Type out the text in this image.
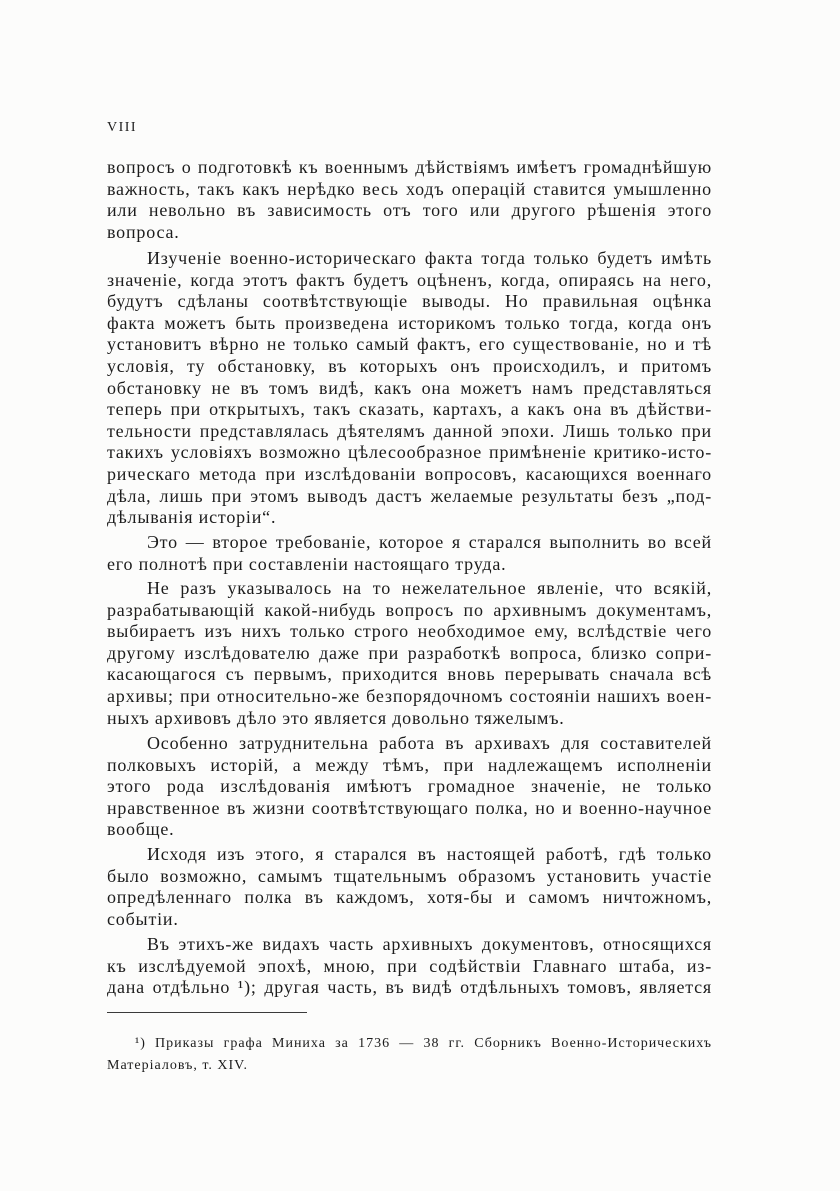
VIII
вопросъ о подготовкѣ къ военнымъ дѣйствіямъ имѣетъ громаднѣйшую
важность, такъ какъ нерѣдко весь ходъ операцій ставится умышленно
или невольно въ зависимость отъ того или другого рѣшенія этого
вопроса.
Изученіе военно-историческаго факта тогда только будетъ имѣть
значеніе, когда этотъ фактъ будетъ оцѣненъ, когда, опираясь на него,
будутъ сдѣланы соотвѣтствующіе выводы. Но правильная оцѣнка
факта можетъ быть произведена историкомъ только тогда, когда онъ
установитъ вѣрно не только самый фактъ, его существованіе, но и тѣ
условія, ту обстановку, въ которыхъ онъ происходилъ, и притомъ
обстановку не въ томъ видѣ, какъ она можетъ намъ представляться
теперь при открытыхъ, такъ сказать, картахъ, а какъ она въ дѣйстви-
тельности представлялась дѣятелямъ данной эпохи. Лишь только при
такихъ условіяхъ возможно цѣлесообразное примѣненіе критико-исто-
рическаго метода при изслѣдованіи вопросовъ, касающихся военнаго
дѣла, лишь при этомъ выводъ дастъ желаемые результаты безъ „под-
дѣлыванія исторіи“.
Это — второе требованіе, которое я старался выполнить во всей
его полнотѣ при составленіи настоящаго труда.
Не разъ указывалось на то нежелательное явленіе, что всякій,
разрабатывающій какой-нибудь вопросъ по архивнымъ документамъ,
выбираетъ изъ нихъ только строго необходимое ему, вслѣдствіе чего
другому изслѣдователю даже при разработкѣ вопроса, близко сопри-
касающагося съ первымъ, приходится вновь перерывать сначала всѣ
архивы; при относительно-же безпорядочномъ состояніи нашихъ воен-
ныхъ архивовъ дѣло это является довольно тяжелымъ.
Особенно затруднительна работа въ архивахъ для составителей
полковыхъ исторій, а между тѣмъ, при надлежащемъ исполненіи
этого рода изслѣдованія имѣютъ громадное значеніе, не только
нравственное въ жизни соотвѣтствующаго полка, но и военно-научное
вообще.
Исходя изъ этого, я старался въ настоящей работѣ, гдѣ только
было возможно, самымъ тщательнымъ образомъ установить участіе
опредѣленнаго полка въ каждомъ, хотя-бы и самомъ ничтожномъ,
событіи.
Въ этихъ-же видахъ часть архивныхъ документовъ, относящихся
къ изслѣдуемой эпохѣ, мною, при содѣйствіи Главнаго штаба, из-
дана отдѣльно ¹); другая часть, въ видѣ отдѣльныхъ томовъ, является
¹) Приказы графа Миниха за 1736 — 38 гг. Сборникъ Военно-Историческихъ
Матеріаловъ, т. XIV.
